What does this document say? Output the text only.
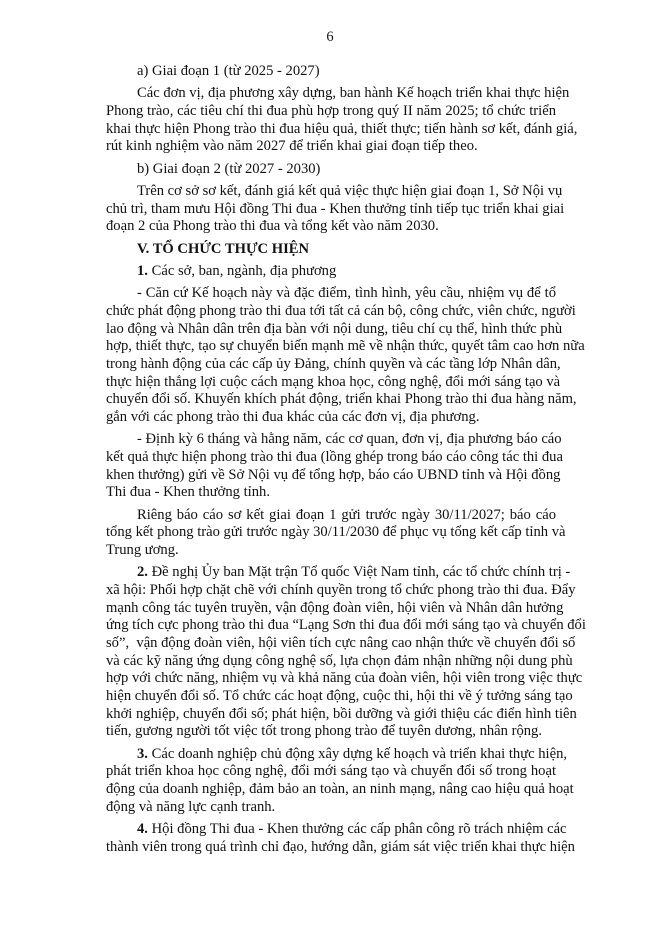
6
a) Giai đoạn 1 (từ 2025 - 2027)
Các đơn vị, địa phương xây dựng, ban hành Kế hoạch triển khai thực hiện
Phong trào, các tiêu chí thi đua phù hợp trong quý II năm 2025; tổ chức triển
khai thực hiện Phong trào thi đua hiệu quả, thiết thực; tiến hành sơ kết, đánh giá,
rút kinh nghiệm vào năm 2027 để triển khai giai đoạn tiếp theo.
b) Giai đoạn 2 (từ 2027 - 2030)
Trên cơ sở sơ kết, đánh giá kết quả việc thực hiện giai đoạn 1, Sở Nội vụ
chủ trì, tham mưu Hội đồng Thi đua - Khen thưởng tỉnh tiếp tục triển khai giai
đoạn 2 của Phong trào thi đua và tổng kết vào năm 2030.
V. TỔ CHỨC THỰC HIỆN
1. Các sở, ban, ngành, địa phương
- Căn cứ Kế hoạch này và đặc điểm, tình hình, yêu cầu, nhiệm vụ để tổ
chức phát động phong trào thi đua tới tất cả cán bộ, công chức, viên chức, người
lao động và Nhân dân trên địa bàn với nội dung, tiêu chí cụ thể, hình thức phù
hợp, thiết thực, tạo sự chuyển biến mạnh mẽ về nhận thức, quyết tâm cao hơn nữa
trong hành động của các cấp ủy Đảng, chính quyền và các tầng lớp Nhân dân,
thực hiện thắng lợi cuộc cách mạng khoa học, công nghệ, đổi mới sáng tạo và
chuyển đổi số. Khuyến khích phát động, triển khai Phong trào thi đua hàng năm,
gắn với các phong trào thi đua khác của các đơn vị, địa phương.
- Định kỳ 6 tháng và hằng năm, các cơ quan, đơn vị, địa phương báo cáo
kết quả thực hiện phong trào thi đua (lồng ghép trong báo cáo công tác thi đua
khen thưởng) gửi về Sở Nội vụ để tổng hợp, báo cáo UBND tỉnh và Hội đồng
Thi đua - Khen thưởng tỉnh.
Riêng báo cáo sơ kết giai đoạn 1 gửi trước ngày 30/11/2027; báo cáo
tổng kết phong trào gửi trước ngày 30/11/2030 để phục vụ tổng kết cấp tỉnh và
Trung ương.
2. Đề nghị Ủy ban Mặt trận Tổ quốc Việt Nam tỉnh, các tổ chức chính trị -
xã hội: Phối hợp chặt chẽ với chính quyền trong tổ chức phong trào thi đua. Đẩy
mạnh công tác tuyên truyền, vận động đoàn viên, hội viên và Nhân dân hưởng
ứng tích cực phong trào thi đua “Lạng Sơn thi đua đổi mới sáng tạo và chuyển đổi
số”,  vận động đoàn viên, hội viên tích cực nâng cao nhận thức về chuyển đổi số
và các kỹ năng ứng dụng công nghệ số, lựa chọn đảm nhận những nội dung phù
hợp với chức năng, nhiệm vụ và khả năng của đoàn viên, hội viên trong việc thực
hiện chuyển đổi số. Tổ chức các hoạt động, cuộc thi, hội thi về ý tưởng sáng tạo
khởi nghiệp, chuyển đổi số; phát hiện, bồi dưỡng và giới thiệu các điển hình tiên
tiến, gương người tốt việc tốt trong phong trào để tuyên dương, nhân rộng.
3. Các doanh nghiệp chủ động xây dựng kế hoạch và triển khai thực hiện,
phát triển khoa học công nghệ, đổi mới sáng tạo và chuyển đổi số trong hoạt
động của doanh nghiệp, đảm bảo an toàn, an ninh mạng, nâng cao hiệu quả hoạt
động và năng lực cạnh tranh.
4. Hội đồng Thi đua - Khen thưởng các cấp phân công rõ trách nhiệm các
thành viên trong quá trình chỉ đạo, hướng dẫn, giám sát việc triển khai thực hiện
